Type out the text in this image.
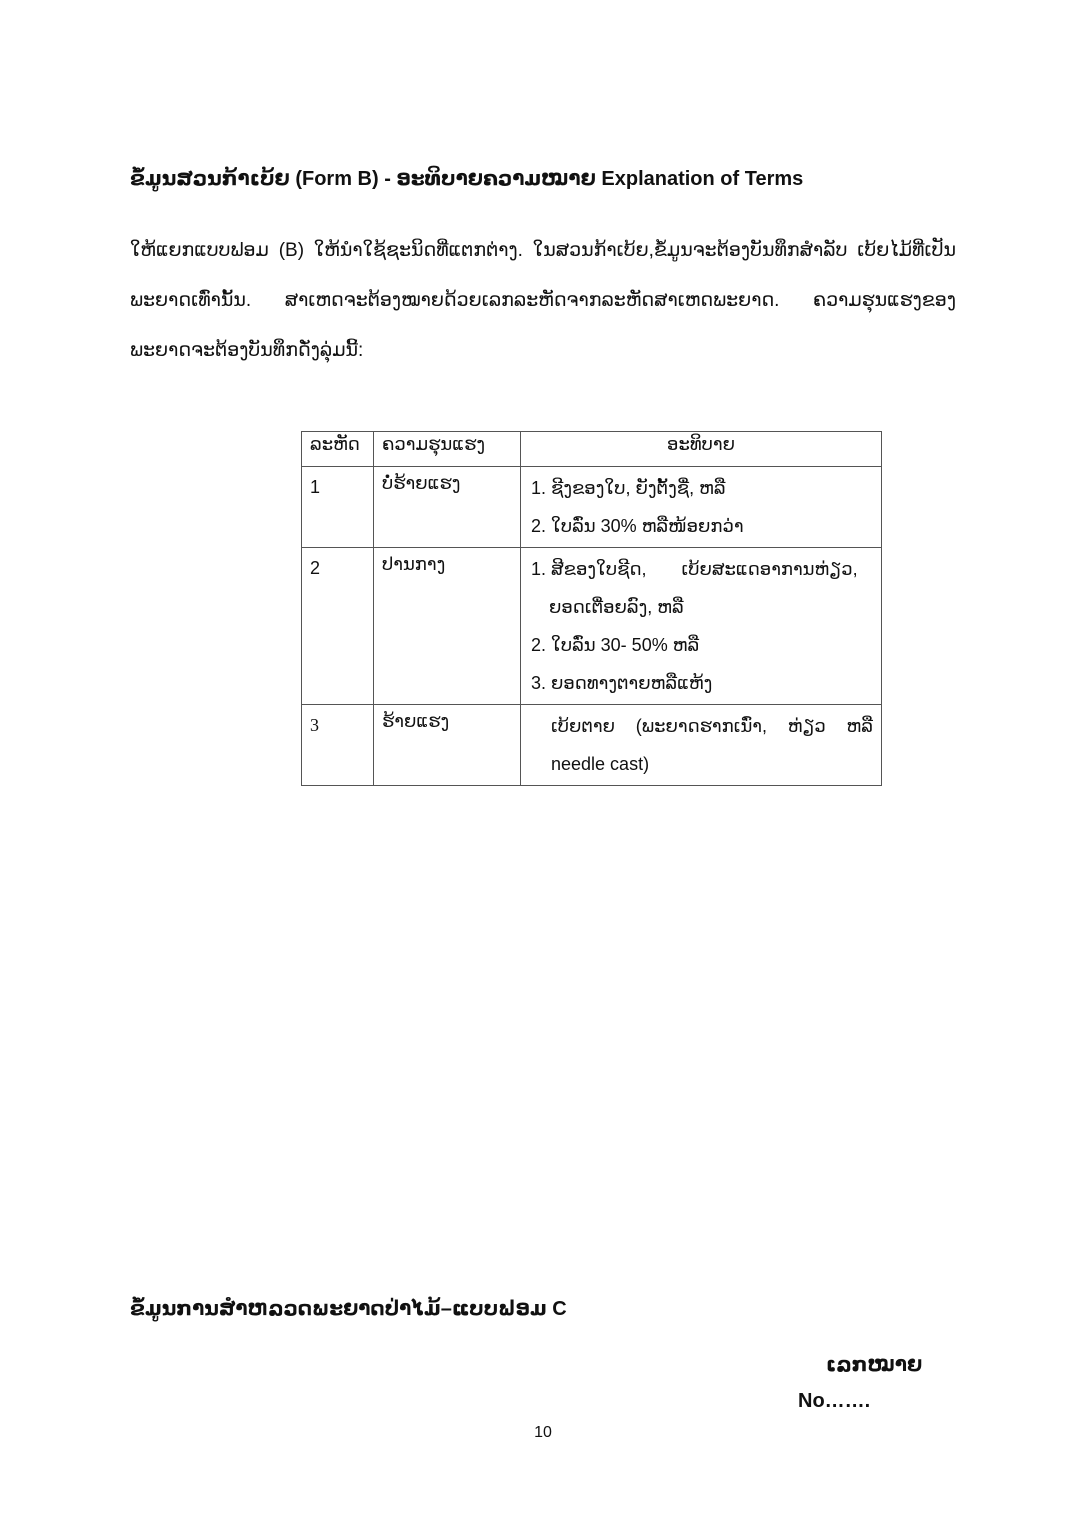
ຂໍ້ມູນສວນກ້າເບ້ຍ (Form B) - ອະທິບາຍຄວາມໝາຍ Explanation of Terms
ໃຫ້ແຍກແບບຟອມ (B) ໃຫ້ນຳໃຊ້ຊະນິດທີ່ແຕກຕ່າງ. ໃນສວນກ້າເບ້ຍ,ຂໍ້ມູນຈະຕ້ອງບັນທຶກສຳລັບ ເບ້ຍໄມ້ທີ່ເປັນພະຍາດເທົ່ານັ້ນ. ສາເຫດຈະຕ້ອງໝາຍດ້ວຍເລກລະຫັດຈາກລະຫັດສາເຫດພະຍາດ. ຄວາມຮຸນແຮງຂອງພະຍາດຈະຕ້ອງບັນທຶກດັ່ງລຸ່ມນີ້:
ລະຫັດ	ຄວາມຮຸນແຮງ	ອະທິບາຍ
1	ບໍ່ຮ້າຍແຮງ	1. ຊີງຂອງໃບ, ຍັງຕັ້ງຊື່, ຫລື
2. ໃບລົ່ນ 30% ຫລືໜ້ອຍກວ່າ

2	ປານກາງ	1. ສີຂອງໃບຊີດ,       ເບ້ຍສະແດອາການຫ່ຽວ,
ຍອດເຕື່ອຍລົງ, ຫລື
2. ໃບລົ່ນ 30- 50% ຫລື
3. ຍອດທາງຕາຍຫລືແຫ້ງ

3	ຮ້າຍແຮງ	ເບ້ຍຕາຍ (ພະຍາດຮາກເນົ່າ, ຫ່ຽວ ຫລື needle cast)
ຂໍ້ມູນການສຳຫລວດພະຍາດປ່າໄມ້–ແບບຟອມ C
ເລກໝາຍ
No…….
10
